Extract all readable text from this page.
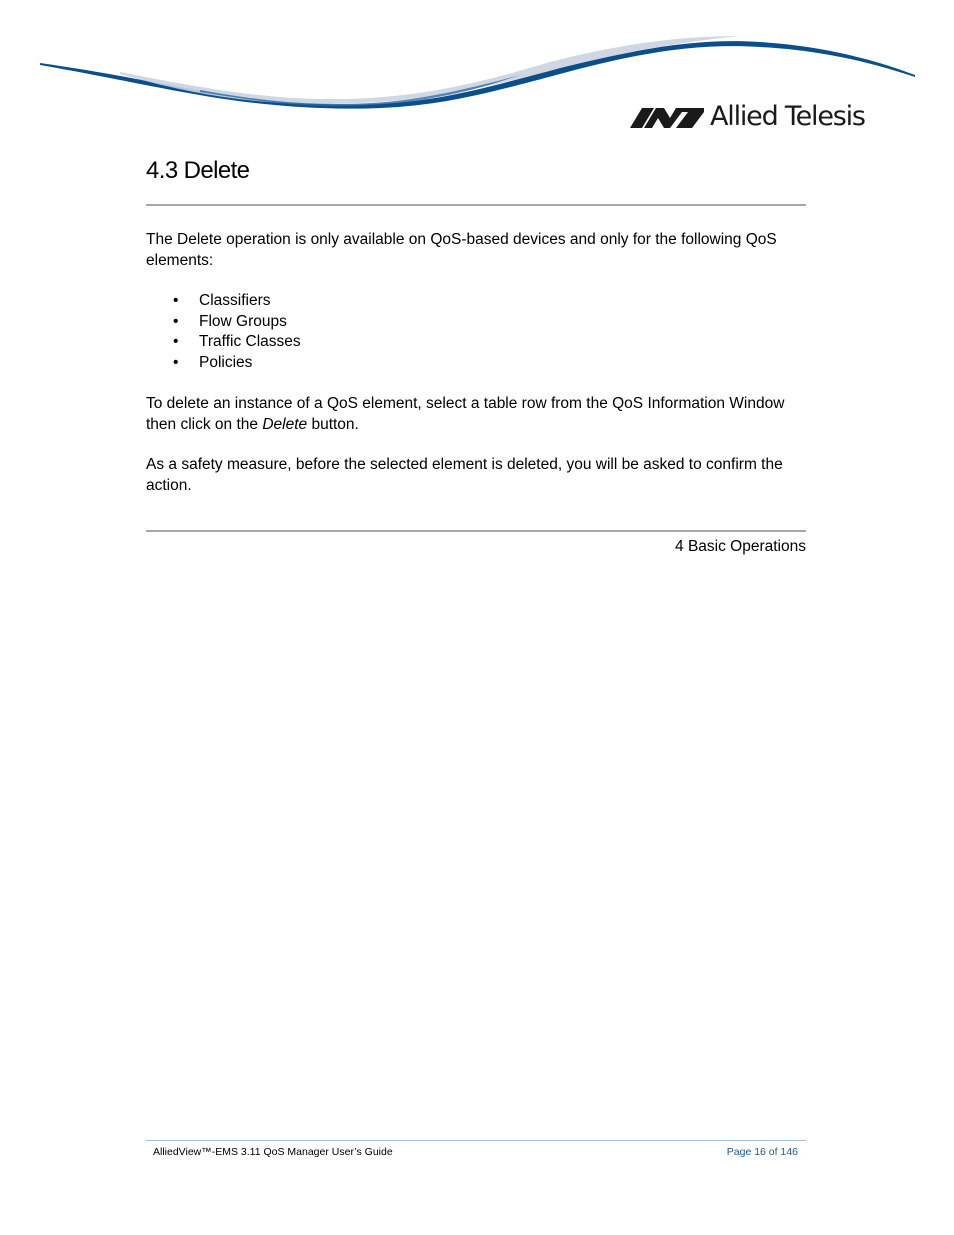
Allied Telesis
4.3 Delete

The Delete operation is only available on QoS-based devices and only for the following QoS elements:

• Classifiers
• Flow Groups
• Traffic Classes
• Policies

To delete an instance of a QoS element, select a table row from the QoS Information Window then click on the Delete button.

As a safety measure, before the selected element is deleted, you will be asked to confirm the action.

4 Basic Operations
AlliedView™-EMS 3.11 QoS Manager User’s Guide	Page 16 of 146
